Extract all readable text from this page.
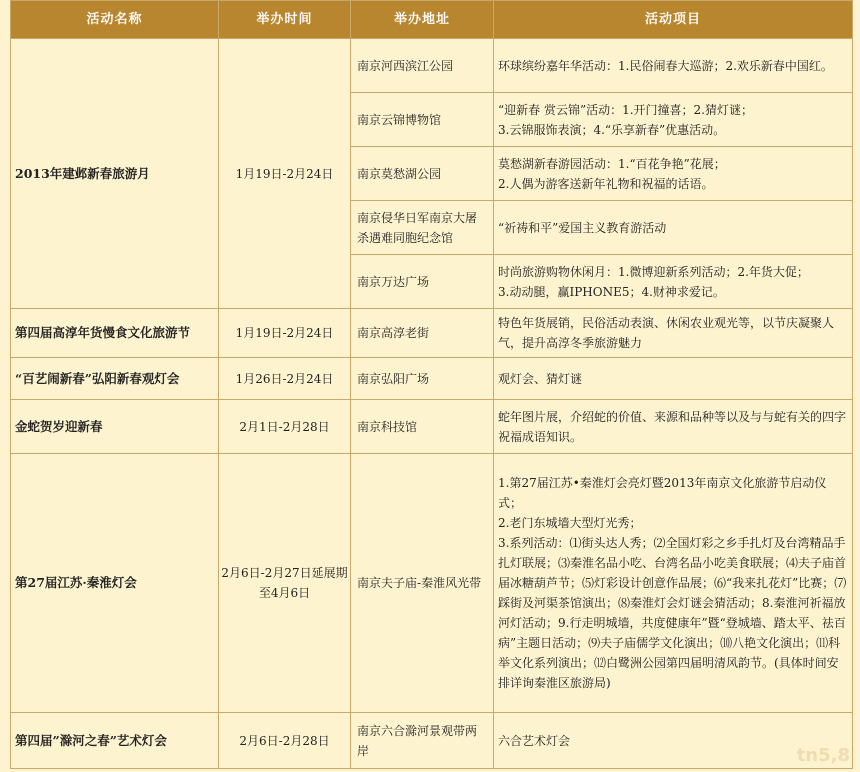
活动名称	举办时间	举办地址	活动项目
2013年建邺新春旅游月	1月19日-2月24日	南京河西滨江公园	环球缤纷嘉年华活动：1.民俗闹春大巡游；2.欢乐新春中国红。

		南京云锦博物馆	“迎新春 赏云锦”活动：1.开门撞喜；2.猜灯谜；
3.云锦服饰表演；4.“乐享新春”优惠活动。

		南京莫愁湖公园	莫愁湖新春游园活动：1.“百花争艳”花展；
2.人偶为游客送新年礼物和祝福的话语。

		南京侵华日军南京大屠杀遇难同胞纪念馆	“祈祷和平”爱国主义教育游活动

		南京万达广场	时尚旅游购物休闲月：1.微博迎新系列活动；2.年货大促；
3.动动腿，赢IPHONE5；4.财神求爱记。

第四届高淳年货慢食文化旅游节	1月19日-2月24日	南京高淳老街	特色年货展销，民俗活动表演、休闲农业观光等，以节庆凝聚人气，提升高淳冬季旅游魅力

“百艺闹新春”弘阳新春观灯会	1月26日-2月24日	南京弘阳广场	观灯会、猜灯谜

金蛇贺岁迎新春	2月1日-2月28日	南京科技馆	蛇年图片展，介绍蛇的价值、来源和品种等以及与与蛇有关的四字祝福成语知识。

第27届江苏·秦淮灯会	2月6日-2月27日延展期至4月6日	南京夫子庙-秦淮风光带	1.第27届江苏•秦淮灯会亮灯暨2013年南京文化旅游节启动仪式；
2.老门东城墙大型灯光秀；
3.系列活动：⑴街头达人秀；⑵全国灯彩之乡手扎灯及台湾精品手扎灯联展；⑶秦淮名品小吃、台湾名品小吃美食联展；⑷夫子庙首届冰糖葫芦节；⑸灯彩设计创意作品展；⑹“我来扎花灯”比赛；⑺踩街及河渠茶馆演出；⑻秦淮灯会灯谜会猜活动；8.秦淮河祈福放河灯活动；9.行走明城墙，共度健康年”暨“登城墙、踏太平、祛百病”主题日活动；⑼夫子庙儒学文化演出；⑽八艳文化演出；⑾科举文化系列演出；⑿白鹭洲公园第四届明清风韵节。(具体时间安排详询秦淮区旅游局)

第四届”滁河之春”艺术灯会	2月6日-2月28日	南京六合滁河景观带两岸	六合艺术灯会
tn5,8
